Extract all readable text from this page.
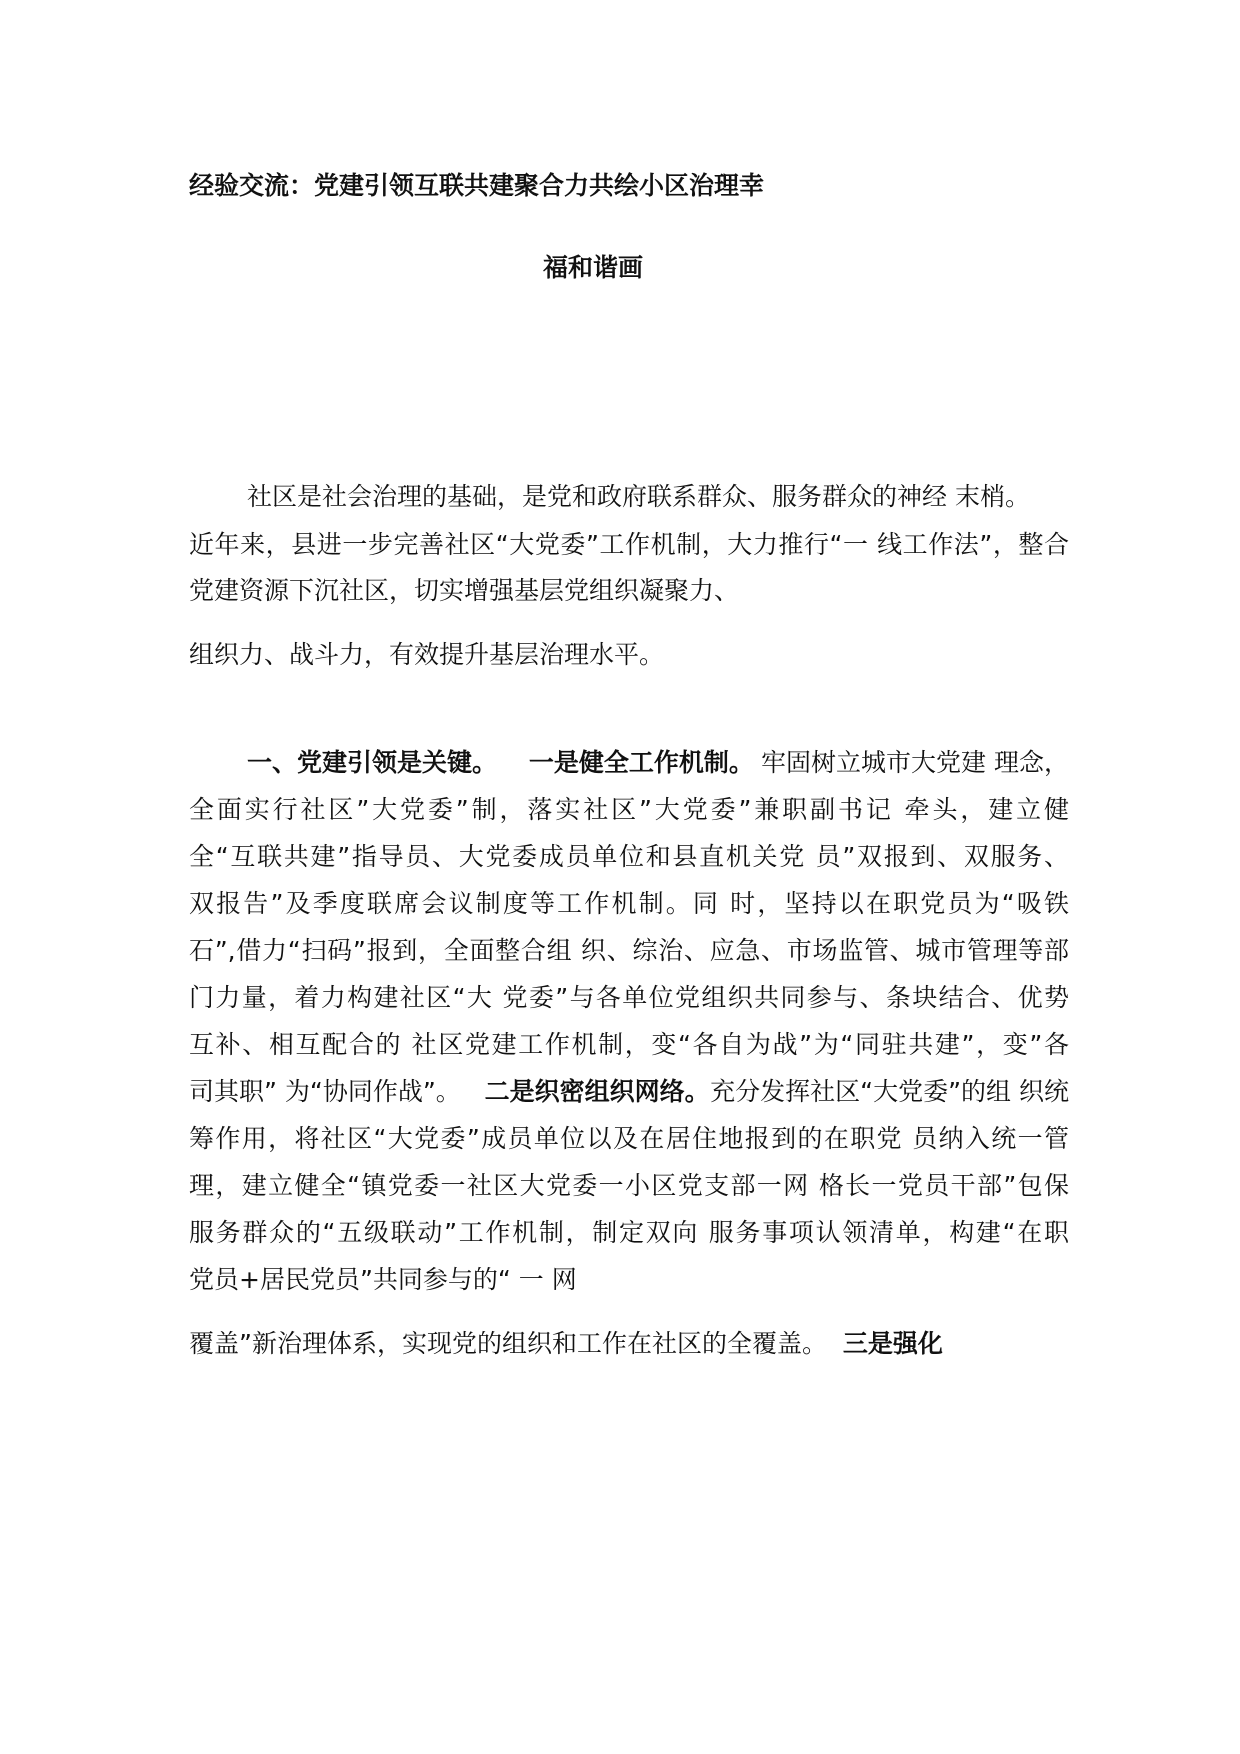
经验交流：党建引领互联共建聚合力共绘小区治理幸
福和谐画
社区是社会治理的基础，是党和政府联系群众、服务群众的神经 末梢。
近年来，县进一步完善社区“大党委”工作机制，大力推行“一 线工作法”，整合
党建资源下沉社区，切实增强基层党组织凝聚力、
组织力、战斗力，有效提升基层治理水平。
一、党建引领是关键。 一是健全工作机制。 牢固树立城市大党建 理念，
全面实行社区”大党委”制，落实社区”大党委”兼职副书记 牵头，建立健
全“互联共建”指导员、大党委成员单位和县直机关党 员”双报到、双服务、
双报告”及季度联席会议制度等工作机制。同 时，坚持以在职党员为“吸铁
石”,借力“扫码”报到，全面整合组 织、综治、应急、市场监管、城市管理等部
门力量，着力构建社区“大 党委”与各单位党组织共同参与、条块结合、优势
互补、相互配合的 社区党建工作机制，变“各自为战”为“同驻共建”，变”各
司其职” 为“协同作战”。 二是织密组织网络。 充分发挥社区“大党委”的组 织统
筹作用，将社区“大党委”成员单位以及在居住地报到的在职党 员纳入统一管
理，建立健全“镇党委一社区大党委一小区党支部一网 格长一党员干部”包保
服务群众的“五级联动”工作机制，制定双向 服务事项认领清单，构建“在职
党员+居民党员”共同参与的“ 一 网
覆盖”新治理体系，实现党的组织和工作在社区的全覆盖。 三是强化
